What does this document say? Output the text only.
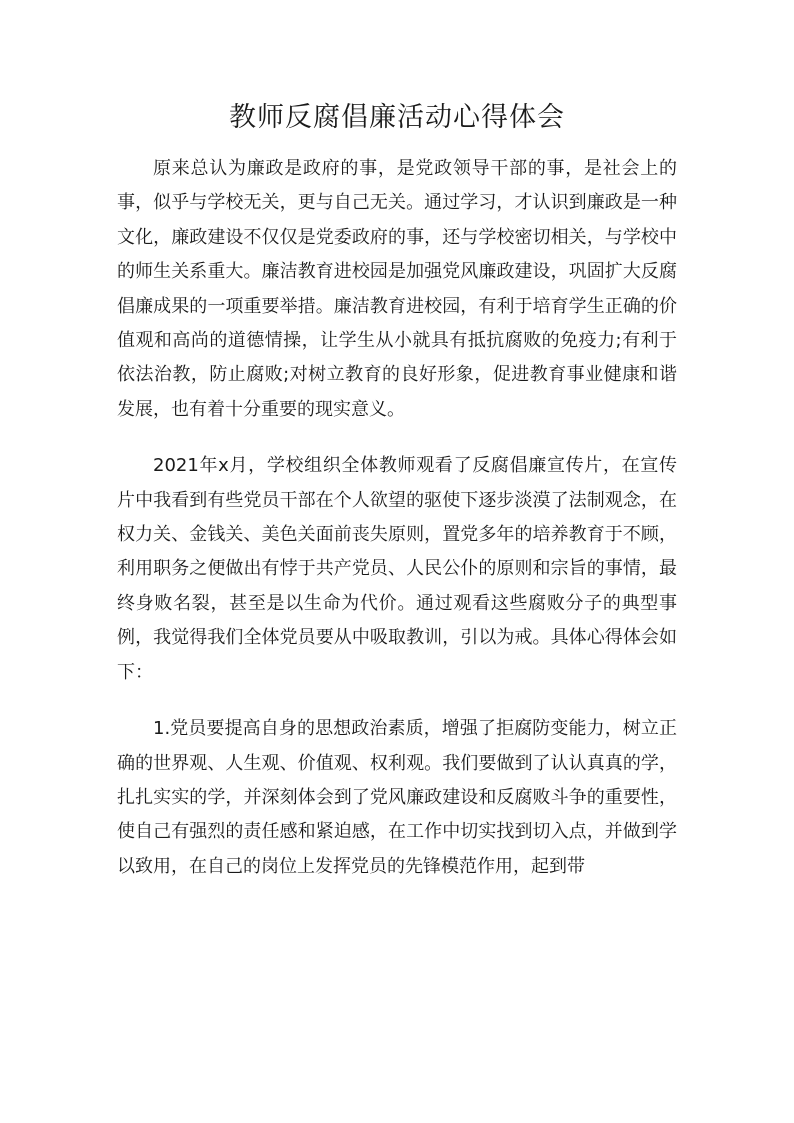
教师反腐倡廉活动心得体会

原来总认为廉政是政府的事，是党政领导干部的事，是社会上的事，似乎与学校无关，更与自己无关。通过学习，才认识到廉政是一种文化，廉政建设不仅仅是党委政府的事，还与学校密切相关，与学校中的师生关系重大。廉洁教育进校园是加强党风廉政建设，巩固扩大反腐倡廉成果的一项重要举措。廉洁教育进校园，有利于培育学生正确的价值观和高尚的道德情操，让学生从小就具有抵抗腐败的免疫力;有利于依法治教，防止腐败;对树立教育的良好形象，促进教育事业健康和谐发展，也有着十分重要的现实意义。

2021年x月，学校组织全体教师观看了反腐倡廉宣传片，在宣传片中我看到有些党员干部在个人欲望的驱使下逐步淡漠了法制观念，在权力关、金钱关、美色关面前丧失原则，置党多年的培养教育于不顾，利用职务之便做出有悖于共产党员、人民公仆的原则和宗旨的事情，最终身败名裂，甚至是以生命为代价。通过观看这些腐败分子的典型事例，我觉得我们全体党员要从中吸取教训，引以为戒。具体心得体会如下：

1.党员要提高自身的思想政治素质，增强了拒腐防变能力，树立正确的世界观、人生观、价值观、权利观。我们要做到了认认真真的学，扎扎实实的学，并深刻体会到了党风廉政建设和反腐败斗争的重要性，使自己有强烈的责任感和紧迫感，在工作中切实找到切入点，并做到学以致用，在自己的岗位上发挥党员的先锋模范作用，起到带
